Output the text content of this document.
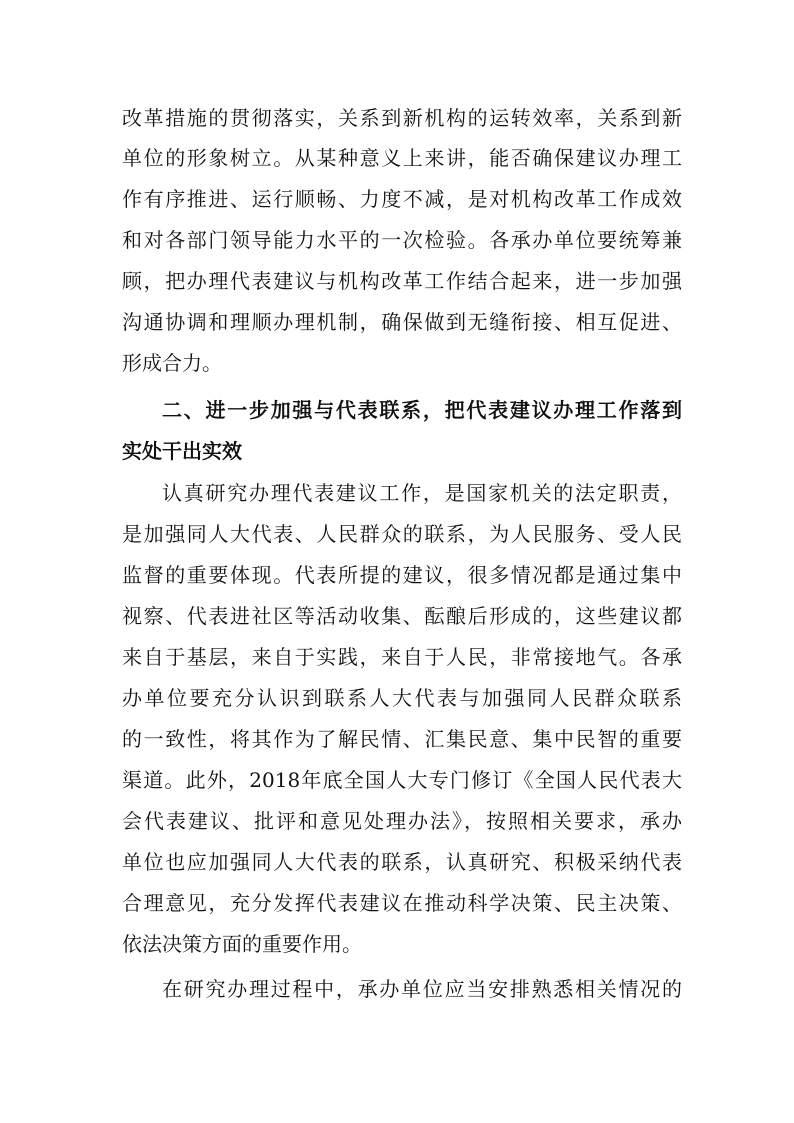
改革措施的贯彻落实，关系到新机构的运转效率，关系到新
单位的形象树立。从某种意义上来讲，能否确保建议办理工
作有序推进、运行顺畅、力度不减，是对机构改革工作成效
和对各部门领导能力水平的一次检验。各承办单位要统筹兼
顾，把办理代表建议与机构改革工作结合起来，进一步加强
沟通协调和理顺办理机制，确保做到无缝衔接、相互促进、
形成合力。
二、进一步加强与代表联系，把代表建议办理工作落到
实处干出实效
认真研究办理代表建议工作，是国家机关的法定职责，
是加强同人大代表、人民群众的联系，为人民服务、受人民
监督的重要体现。代表所提的建议，很多情况都是通过集中
视察、代表进社区等活动收集、酝酿后形成的，这些建议都
来自于基层，来自于实践，来自于人民，非常接地气。各承
办单位要充分认识到联系人大代表与加强同人民群众联系
的一致性，将其作为了解民情、汇集民意、集中民智的重要
渠道。此外，2018年底全国人大专门修订《全国人民代表大
会代表建议、批评和意见处理办法》，按照相关要求，承办
单位也应加强同人大代表的联系，认真研究、积极采纳代表
合理意见，充分发挥代表建议在推动科学决策、民主决策、
依法决策方面的重要作用。
在研究办理过程中，承办单位应当安排熟悉相关情况的
